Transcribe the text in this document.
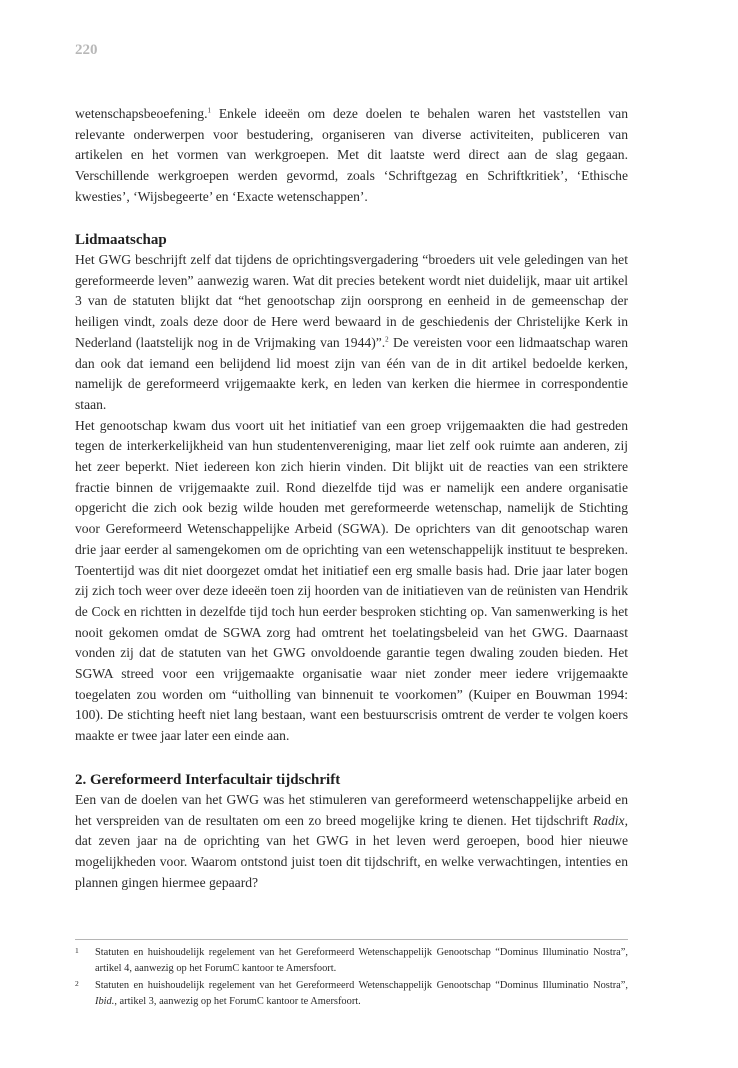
220

wetenschapsbeoefening.$^1$ Enkele ideeën om deze doelen te behalen waren het vaststellen van relevante onderwerpen voor bestudering, organiseren van diverse activiteiten, publiceren van artikelen en het vormen van werkgroepen. Met dit laatste werd direct aan de slag gegaan. Verschillende werkgroepen werden gevormd, zoals ‘Schriftgezag en Schriftkritiek’, ‘Ethische kwesties’, ‘Wijsbegeerte’ en ‘Exacte wetenschappen’.

Lidmaatschap

Het GWG beschrijft zelf dat tijdens de oprichtingsvergadering “broeders uit vele geledingen van het gereformeerde leven” aanwezig waren. Wat dit precies betekent wordt niet duidelijk, maar uit artikel 3 van de statuten blijkt dat “het genootschap zijn oorsprong en eenheid in de gemeenschap der heiligen vindt, zoals deze door de Here werd bewaard in de geschiedenis der Christelijke Kerk in Nederland (laatstelijk nog in de Vrijmaking van 1944)”.$^2$ De vereisten voor een lidmaatschap waren dan ook dat iemand een belijdend lid moest zijn van één van de in dit artikel bedoelde kerken, namelijk de gereformeerd vrijgemaakte kerk, en leden van kerken die hiermee in correspondentie staan.

Het genootschap kwam dus voort uit het initiatief van een groep vrijgemaakten die had gestreden tegen de interkerkelijkheid van hun studentenvereniging, maar liet zelf ook ruimte aan anderen, zij het zeer beperkt. Niet iedereen kon zich hierin vinden. Dit blijkt uit de reacties van een striktere fractie binnen de vrijgemaakte zuil. Rond diezelfde tijd was er namelijk een andere organisatie opgericht die zich ook bezig wilde houden met gereformeerde wetenschap, namelijk de Stichting voor Gereformeerd Wetenschappelijke Arbeid (SGWA). De oprichters van dit genootschap waren drie jaar eerder al samengekomen om de oprichting van een wetenschappelijk instituut te bespreken. Toentertijd was dit niet doorgezet omdat het initiatief een erg smalle basis had. Drie jaar later bogen zij zich toch weer over deze ideeën toen zij hoorden van de initiatieven van de reünisten van Hendrik de Cock en richtten in dezelfde tijd toch hun eerder besproken stichting op. Van samenwerking is het nooit gekomen omdat de SGWA zorg had omtrent het toelatingsbeleid van het GWG. Daarnaast vonden zij dat de statuten van het GWG onvoldoende garantie tegen dwaling zouden bieden. Het SGWA streed voor een vrijgemaakte organisatie waar niet zonder meer iedere vrijgemaakte toegelaten zou worden om “uitholling van binnenuit te voorkomen” (Kuiper en Bouwman 1994: 100). De stichting heeft niet lang bestaan, want een bestuurscrisis omtrent de verder te volgen koers maakte er twee jaar later een einde aan.

2. Gereformeerd Interfacultair tijdschrift

Een van de doelen van het GWG was het stimuleren van gereformeerd wetenschappelijke arbeid en het verspreiden van de resultaten om een zo breed mogelijke kring te dienen. Het tijdschrift Radix, dat zeven jaar na de oprichting van het GWG in het leven werd geroepen, bood hier nieuwe mogelijkheden voor. Waarom ontstond juist toen dit tijdschrift, en welke verwachtingen, intenties en plannen gingen hiermee gepaard?

1 Statuten en huishoudelijk regelement van het Gereformeerd Wetenschappelijk Genootschap “Dominus Illuminatio Nostra”, artikel 4, aanwezig op het ForumC kantoor te Amersfoort.

2 Statuten en huishoudelijk regelement van het Gereformeerd Wetenschappelijk Genootschap “Dominus Illuminatio Nostra”, Ibid., artikel 3, aanwezig op het ForumC kantoor te Amersfoort.
